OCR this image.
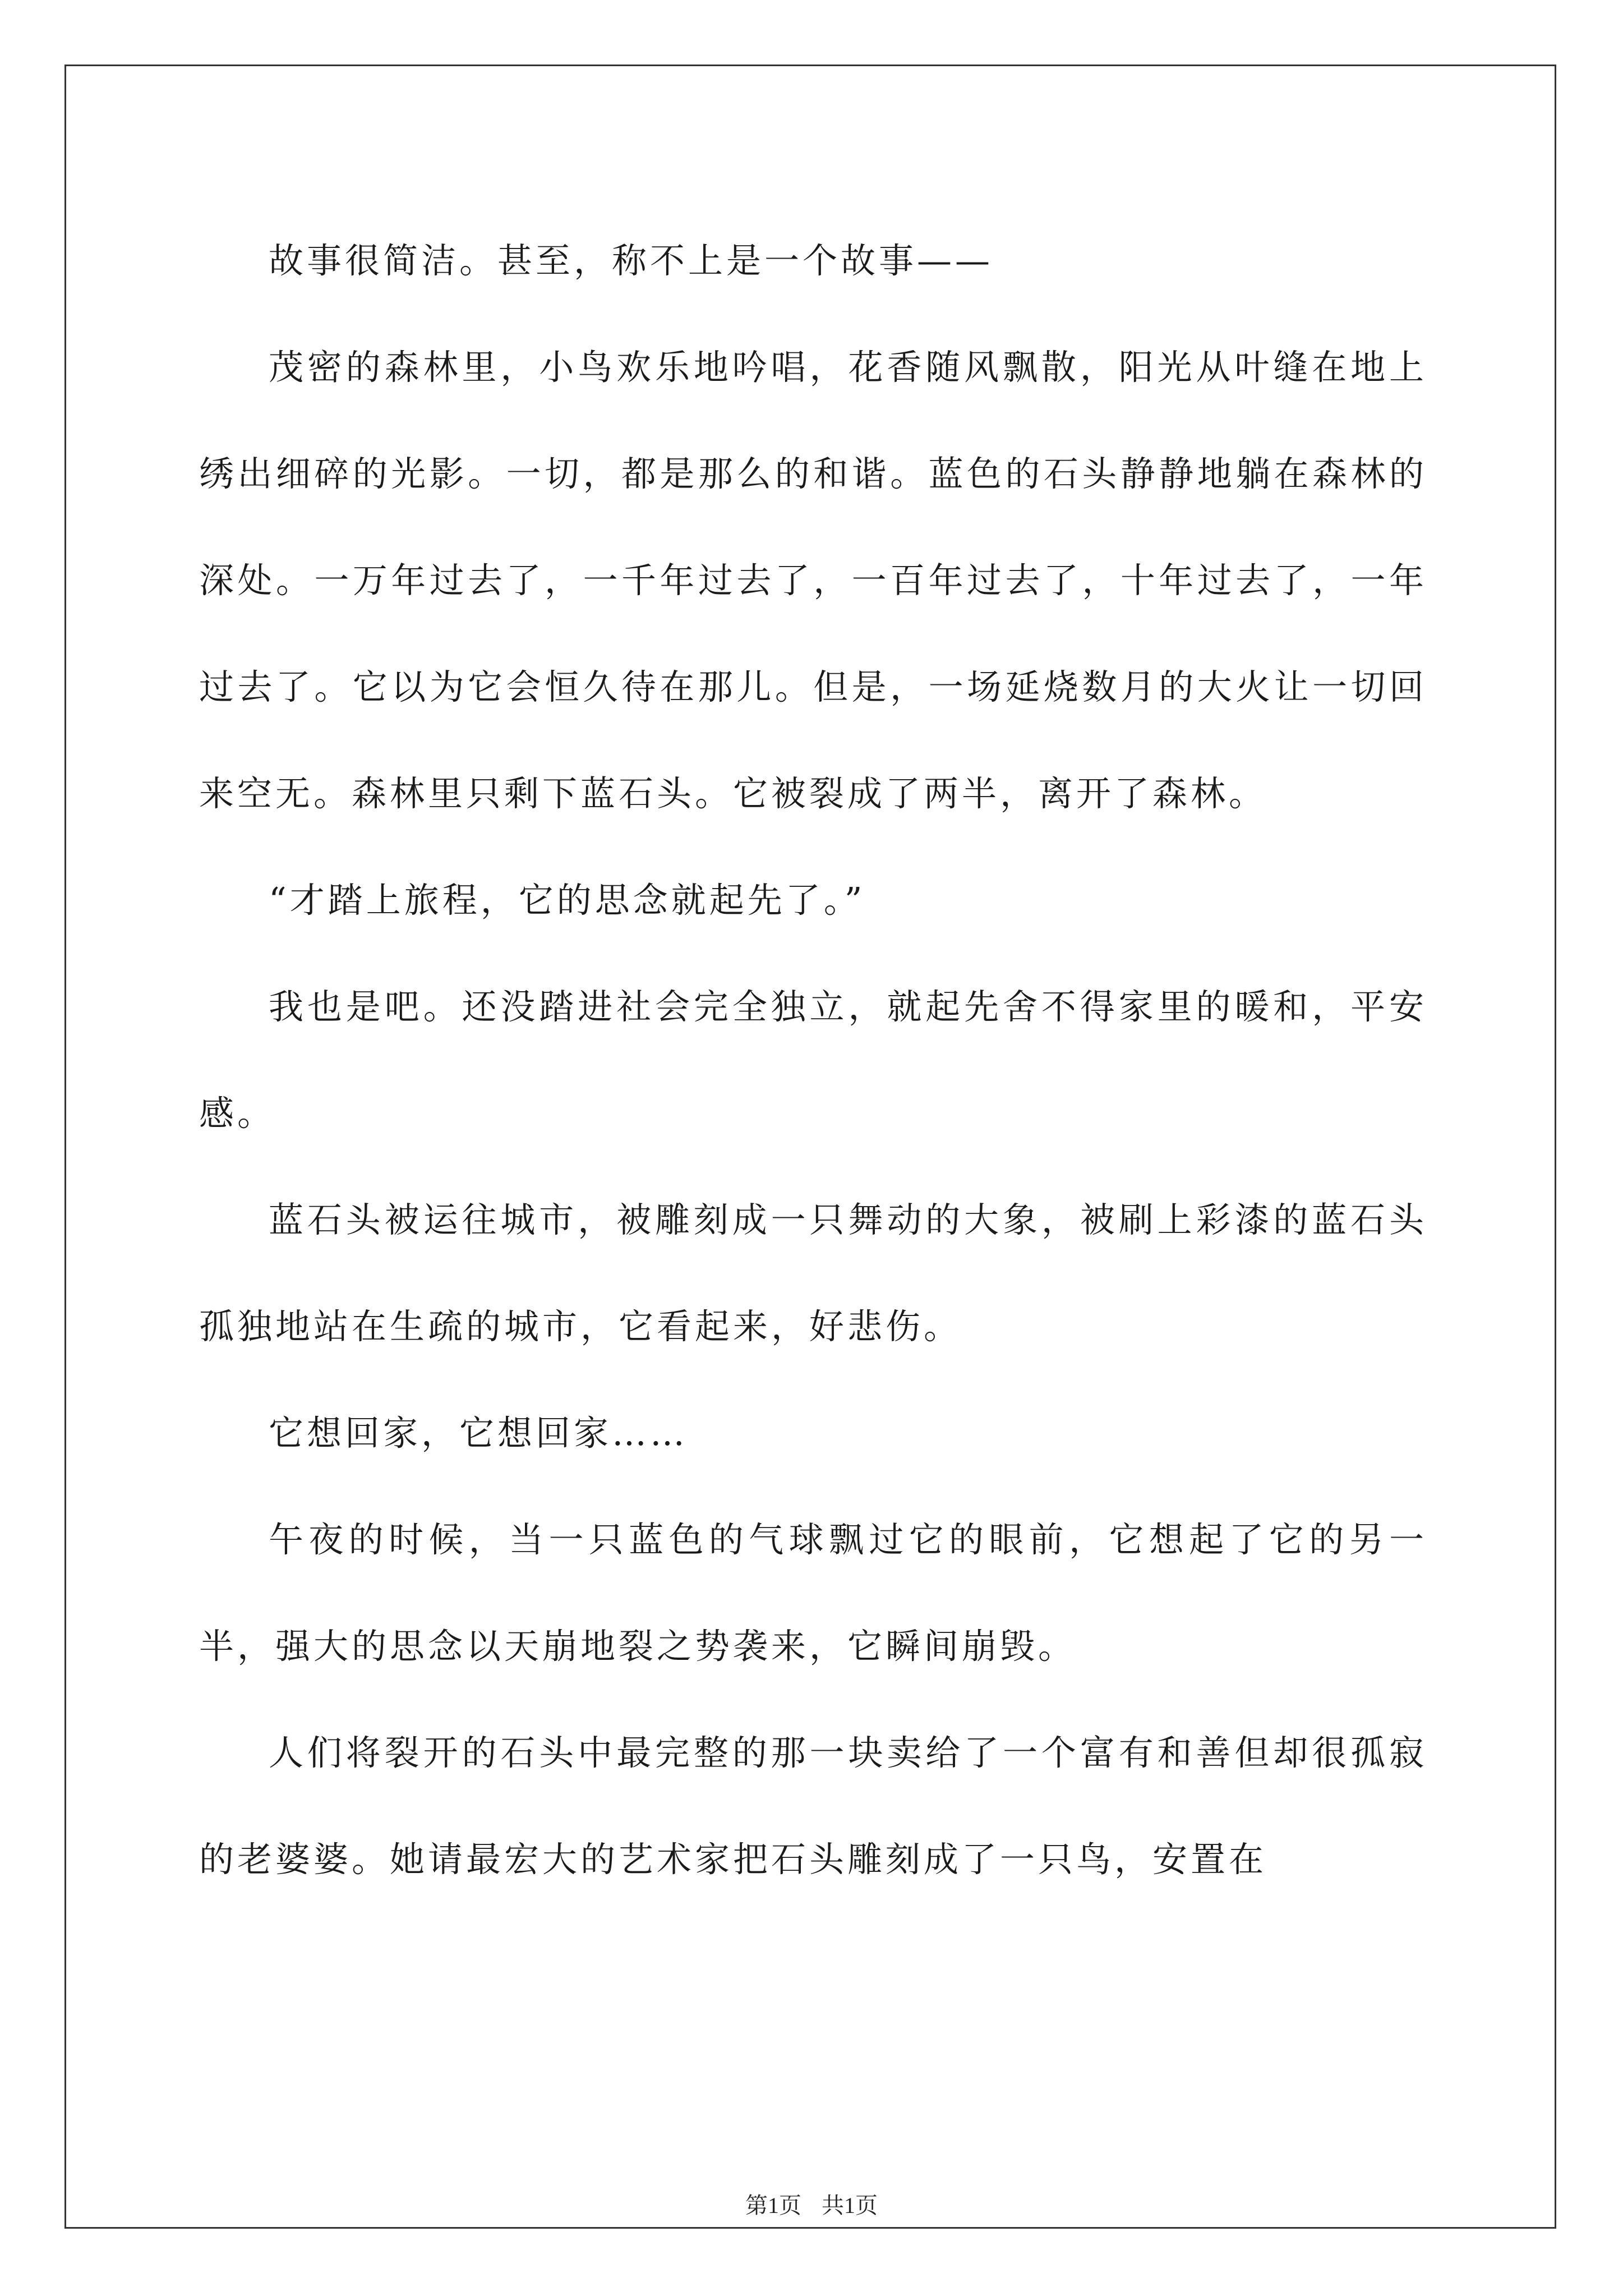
故事很简洁。甚至，称不上是一个故事——

茂密的森林里，小鸟欢乐地吟唱，花香随风飘散，阳光从叶缝在地上绣出细碎的光影。一切，都是那么的和谐。蓝色的石头静静地躺在森林的深处。一万年过去了，一千年过去了，一百年过去了，十年过去了，一年过去了。它以为它会恒久待在那儿。但是，一场延烧数月的大火让一切回来空无。森林里只剩下蓝石头。它被裂成了两半，离开了森林。

“才踏上旅程，它的思念就起先了。”

我也是吧。还没踏进社会完全独立，就起先舍不得家里的暖和，平安感。

蓝石头被运往城市，被雕刻成一只舞动的大象，被刷上彩漆的蓝石头孤独地站在生疏的城市，它看起来，好悲伤。

它想回家，它想回家……

午夜的时候，当一只蓝色的气球飘过它的眼前，它想起了它的另一半，强大的思念以天崩地裂之势袭来，它瞬间崩毁。

人们将裂开的石头中最完整的那一块卖给了一个富有和善但却很孤寂的老婆婆。她请最宏大的艺术家把石头雕刻成了一只鸟，安置在

第1页 共1页
